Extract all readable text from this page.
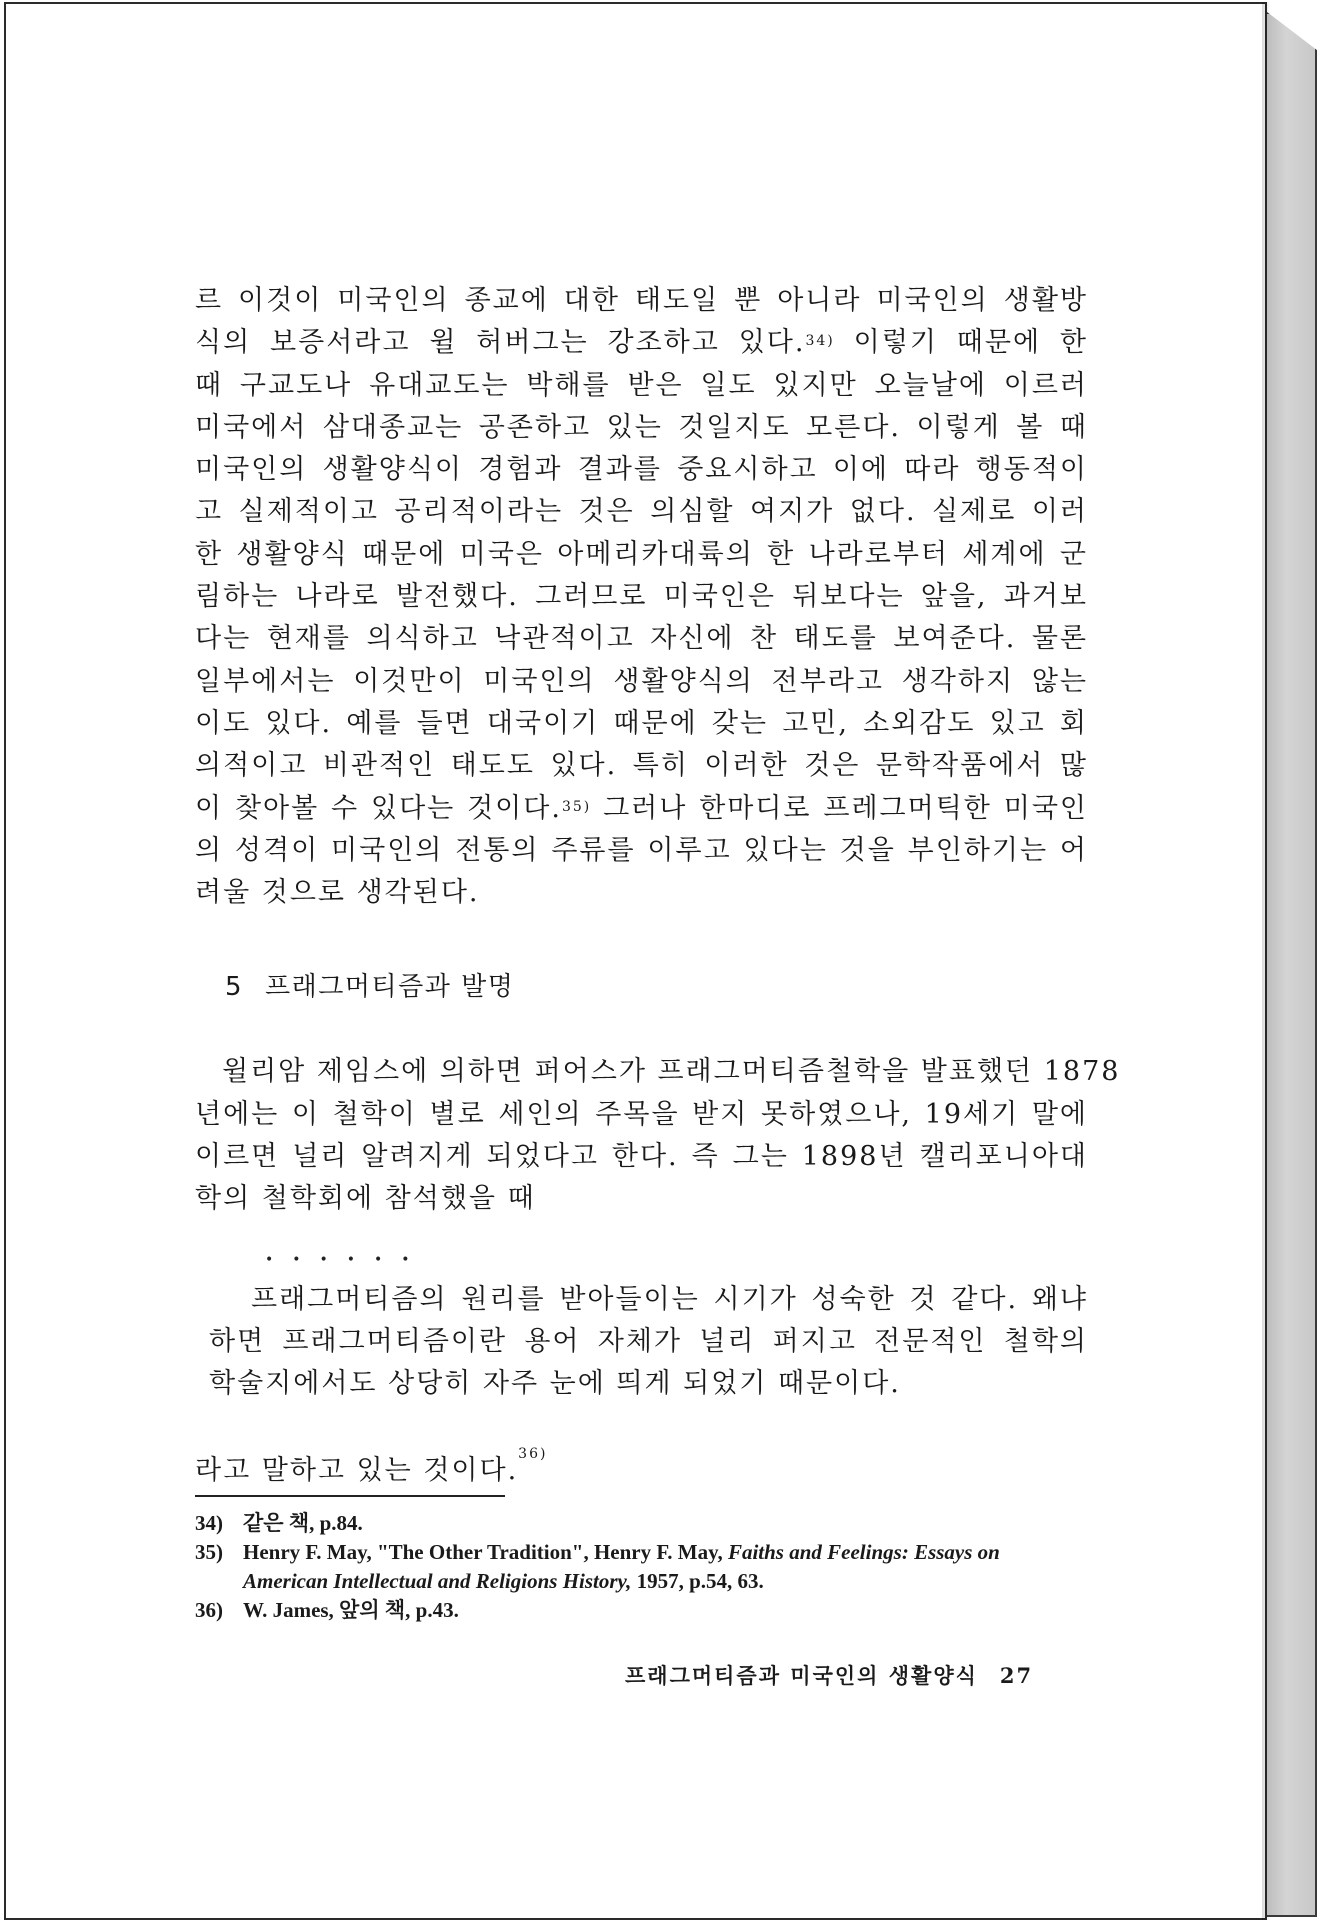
르 이것이 미국인의 종교에 대한 태도일 뿐 아니라 미국인의 생활방
식의 보증서라고 윌 허버그는 강조하고 있다.$^{34)}$ 이렇기 때문에 한
때 구교도나 유대교도는 박해를 받은 일도 있지만 오늘날에 이르러
미국에서 삼대종교는 공존하고 있는 것일지도 모른다. 이렇게 볼 때
미국인의 생활양식이 경험과 결과를 중요시하고 이에 따라 행동적이
고 실제적이고 공리적이라는 것은 의심할 여지가 없다. 실제로 이러
한 생활양식 때문에 미국은 아메리카대륙의 한 나라로부터 세계에 군
림하는 나라로 발전했다. 그러므로 미국인은 뒤보다는 앞을, 과거보
다는 현재를 의식하고 낙관적이고 자신에 찬 태도를 보여준다. 물론
일부에서는 이것만이 미국인의 생활양식의 전부라고 생각하지 않는
이도 있다. 예를 들면 대국이기 때문에 갖는 고민, 소외감도 있고 회
의적이고 비관적인 태도도 있다. 특히 이러한 것은 문학작품에서 많
이 찾아볼 수 있다는 것이다.$^{35)}$ 그러나 한마디로 프레그머틱한 미국인
의 성격이 미국인의 전통의 주류를 이루고 있다는 것을 부인하기는 어
려울 것으로 생각된다.
5 프래그머티즘과 발명
윌리암 제임스에 의하면 퍼어스가 프래그머티즘철학을 발표했던 1878
년에는 이 철학이 별로 세인의 주목을 받지 못하였으나, 19세기 말에
이르면 널리 알려지게 되었다고 한다. 즉 그는 1898년 캘리포니아대
학의 철학회에 참석했을 때
프래그머티즘의 원리를 받아들이는 시기가 성숙한 것 같다. 왜냐
하면 프래그머티즘이란 용어 자체가 널리 퍼지고 전문적인 철학의
학술지에서도 상당히 자주 눈에 띄게 되었기 때문이다.
라고 말하고 있는 것이다.$^{36)}$
34) 같은 책, p.84.
35) Henry F. May, "The Other Tradition", Henry F. May, Faiths and Feelings: Essays on American Intellectual and Religions History, 1957, p.54, 63.
36) W. James, 앞의 책, p.43.
••••••
프래그머티즘과 미국인의 생활양식 27
